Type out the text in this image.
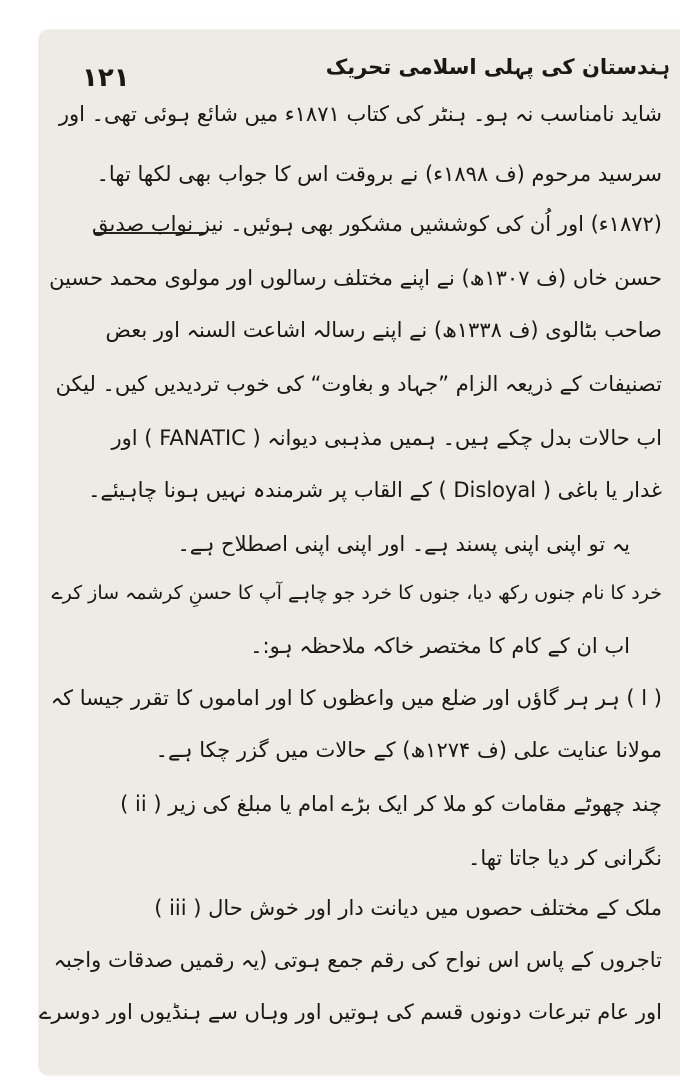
۱۲۱	ہندستان کی پہلی اسلامی تحریک
شاید نامناسب نہ ہو۔ ہنٹر کی کتاب ۱۸۷۱ء میں شائع ہوئی تھی۔ اور
سرسید مرحوم (ف ۱۸۹۸ء) نے بروقت اس کا جواب بھی لکھا تھا۔
(۱۸۷۲ء) اور اُن کی کوششیں مشکور بھی ہوئیں۔ نیز نواب صدیق
حسن خاں (ف ۱۳۰۷ھ) نے اپنے مختلف رسالوں اور مولوی محمد حسین
صاحب بٹالوی (ف ۱۳۳۸ھ) نے اپنے رسالہ اشاعت السنہ اور بعض
تصنیفات کے ذریعہ الزام ”جہاد و بغاوت“ کی خوب تردیدیں کیں۔ لیکن
اب حالات بدل چکے ہیں۔ ہمیں مذہبی دیوانہ ( FANATIC ) اور
غدار یا باغی ( Disloyal ) کے القاب پر شرمندہ نہیں ہونا چاہیئے۔
یہ تو اپنی اپنی پسند ہے۔ اور اپنی اپنی اصطلاح ہے۔
خرد کا نام جنوں رکھ دیا، جنوں کا خرد جو چاہے آپ کا حسنِ کرشمہ ساز کرے
اب ان کے کام کا مختصر خاکہ ملاحظہ ہو:۔
( ا ) ہر ہر گاؤں اور ضلع میں واعظوں کا اور اماموں کا تقرر جیسا کہ
مولانا عنایت علی (ف ۱۲۷۴ھ) کے حالات میں گزر چکا ہے۔
( ii ) چند چھوٹے مقامات کو ملا کر ایک بڑے امام یا مبلغ کی زیر
نگرانی کر دیا جاتا تھا۔
( iii ) ملک کے مختلف حصوں میں دیانت دار اور خوش حال
تاجروں کے پاس اس نواح کی رقم جمع ہوتی (یہ رقمیں صدقات واجبہ
اور عام تبرعات دونوں قسم کی ہوتیں اور وہاں سے ہنڈیوں اور دوسرے
